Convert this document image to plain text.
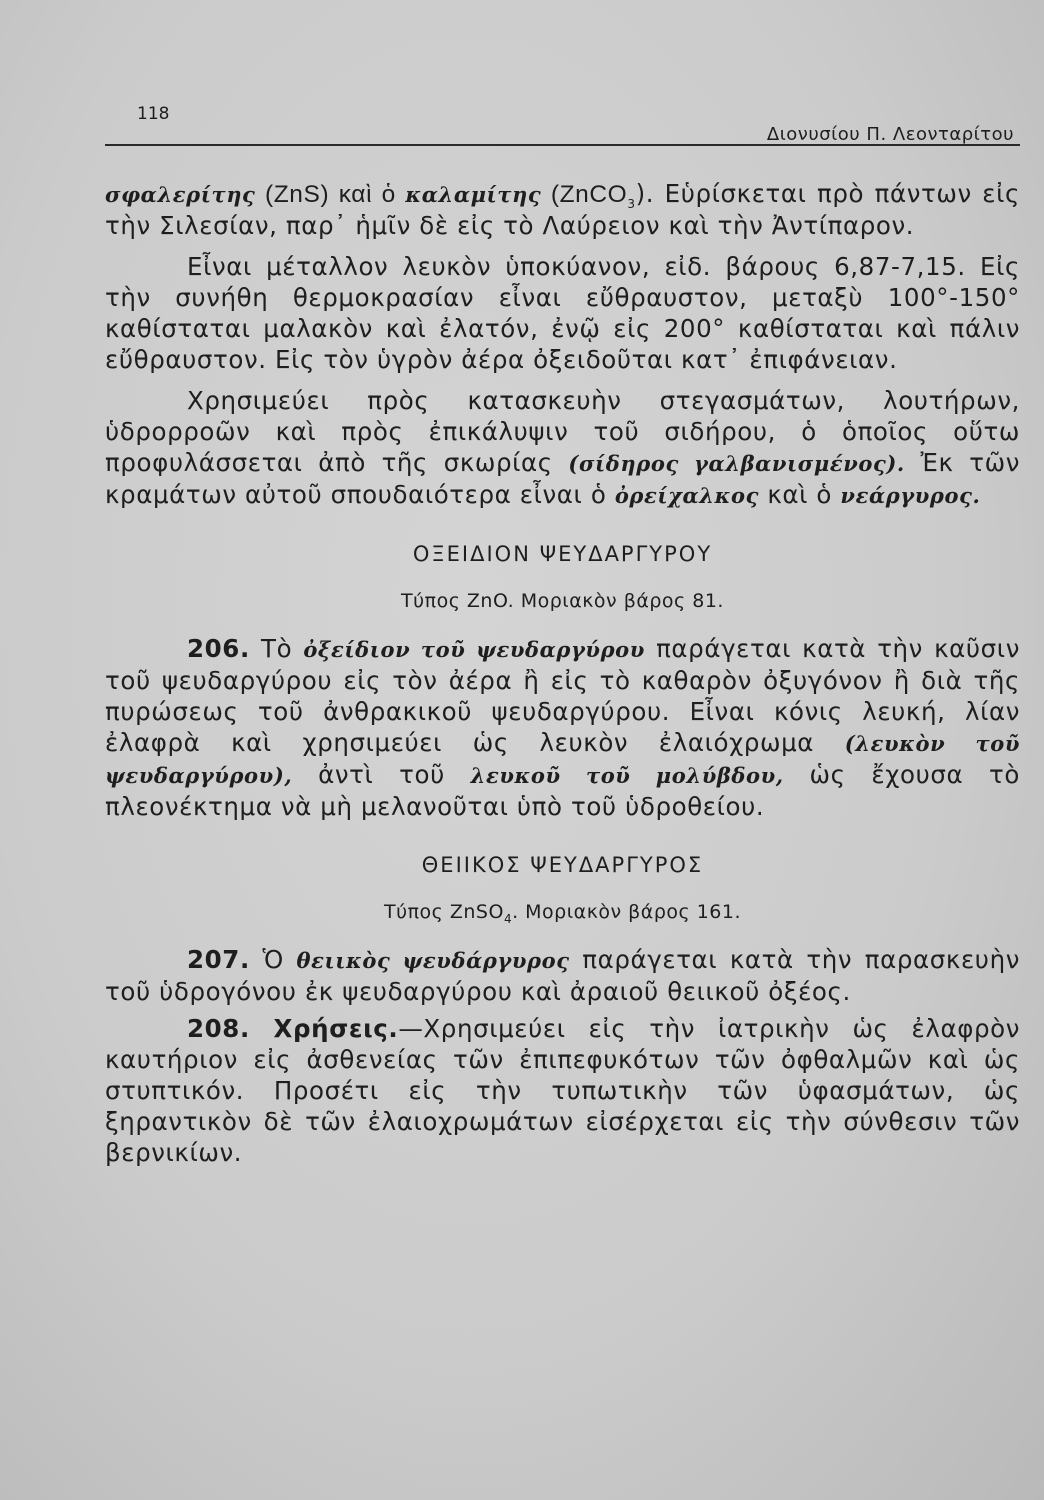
118
Διονυσίου Π. Λεονταρίτου

σφαλερίτης (ZnS) καὶ ὁ καλαμίτης (ZnCO$_3$). Εὑρίσκεται πρὸ πάντων εἰς τὴν Σιλεσίαν, παρ᾽ ἡμῖν δὲ εἰς τὸ Λαύρειον καὶ τὴν Ἀντίπαρον.

Εἶναι μέταλλον λευκὸν ὑποκύανον, εἰδ. βάρους 6,87-7,15. Εἰς τὴν συνήθη θερμοκρασίαν εἶναι εὔθραυστον, μεταξὺ 100°-150° καθίσταται μαλακὸν καὶ ἐλατόν, ἐνῷ εἰς 200° καθίσταται καὶ πάλιν εὔθραυστον. Εἰς τὸν ὑγρὸν ἀέρα ὀξειδοῦται κατ᾽ ἐπιφάνειαν.

Χρησιμεύει πρὸς κατασκευὴν στεγασμάτων, λουτήρων, ὑδρορροῶν καὶ πρὸς ἐπικάλυψιν τοῦ σιδήρου, ὁ ὁποῖος οὕτω προφυλάσσεται ἀπὸ τῆς σκωρίας (σίδηρος γαλβανισμένος). Ἐκ τῶν κραμάτων αὐτοῦ σπουδαιότερα εἶναι ὁ ὀρείχαλκος καὶ ὁ νεάργυρος.

ΟΞΕΙΔΙΟΝ ΨΕΥΔΑΡΓΥΡΟΥ
Τύπος ZnO. Μοριακὸν βάρος 81.

206. Τὸ ὀξείδιον τοῦ ψευδαργύρου παράγεται κατὰ τὴν καῦσιν τοῦ ψευδαργύρου εἰς τὸν ἀέρα ἢ εἰς τὸ καθαρὸν ὀξυγόνον ἢ διὰ τῆς πυρώσεως τοῦ ἀνθρακικοῦ ψευδαργύρου. Εἶναι κόνις λευκή, λίαν ἐλαφρὰ καὶ χρησιμεύει ὡς λευκὸν ἐλαιόχρωμα (λευκὸν τοῦ ψευδαργύρου), ἀντὶ τοῦ λευκοῦ τοῦ μολύβδου, ὡς ἔχουσα τὸ πλεονέκτημα νὰ μὴ μελανοῦται ὑπὸ τοῦ ὑδροθείου.

ΘΕΙΙΚΟΣ ΨΕΥΔΑΡΓΥΡΟΣ
Τύπος ZnSO$_4$. Μοριακὸν βάρος 161.

207. Ὁ θειικὸς ψευδάργυρος παράγεται κατὰ τὴν παρασκευὴν τοῦ ὑδρογόνου ἐκ ψευδαργύρου καὶ ἀραιοῦ θειικοῦ ὀξέος.

208. Χρήσεις.—Χρησιμεύει εἰς τὴν ἰατρικὴν ὡς ἐλαφρὸν καυτήριον εἰς ἀσθενείας τῶν ἐπιπεφυκότων τῶν ὀφθαλμῶν καὶ ὡς στυπτικόν. Προσέτι εἰς τὴν τυπωτικὴν τῶν ὑφασμάτων, ὡς ξηραντικὸν δὲ τῶν ἐλαιοχρωμάτων εἰσέρχεται εἰς τὴν σύνθεσιν τῶν βερνικίων.
